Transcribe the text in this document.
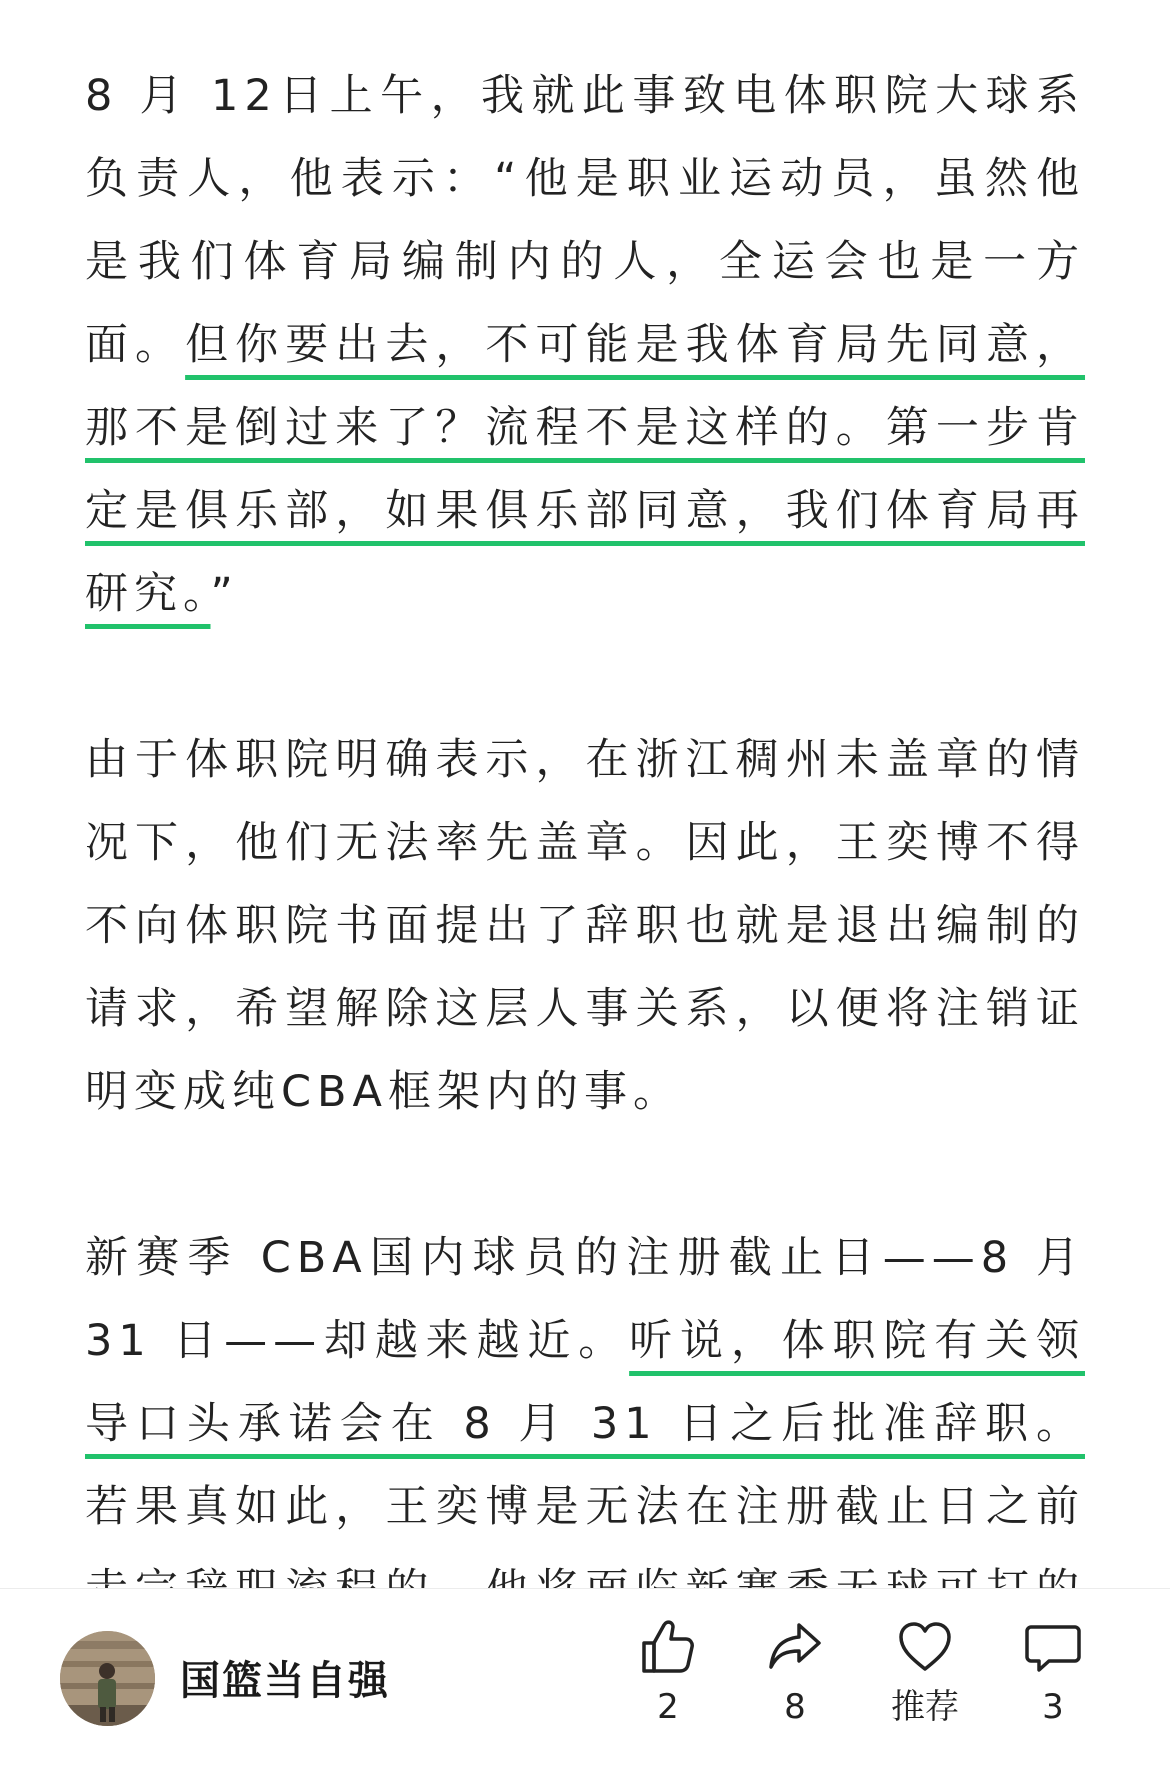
8 月 12日上午，我就此事致电体职院大球系负责人，他表示：“他是职业运动员，虽然他是我们体育局编制内的人，全运会也是一方面。但你要出去，不可能是我体育局先同意，那不是倒过来了？流程不是这样的。第一步肯定是俱乐部，如果俱乐部同意，我们体育局再研究。”

由于体职院明确表示，在浙江稠州未盖章的情况下，他们无法率先盖章。因此，王奕博不得不向体职院书面提出了辞职也就是退出编制的请求，希望解除这层人事关系，以便将注销证明变成纯CBA框架内的事。

新赛季 CBA国内球员的注册截止日——8 月 31 日——却越来越近。听说，体职院有关领导口头承诺会在 8 月 31 日之后批准辞职。若果真如此，王奕博是无法在注册截止日之前

国篮当自强
2	8	推荐	3
